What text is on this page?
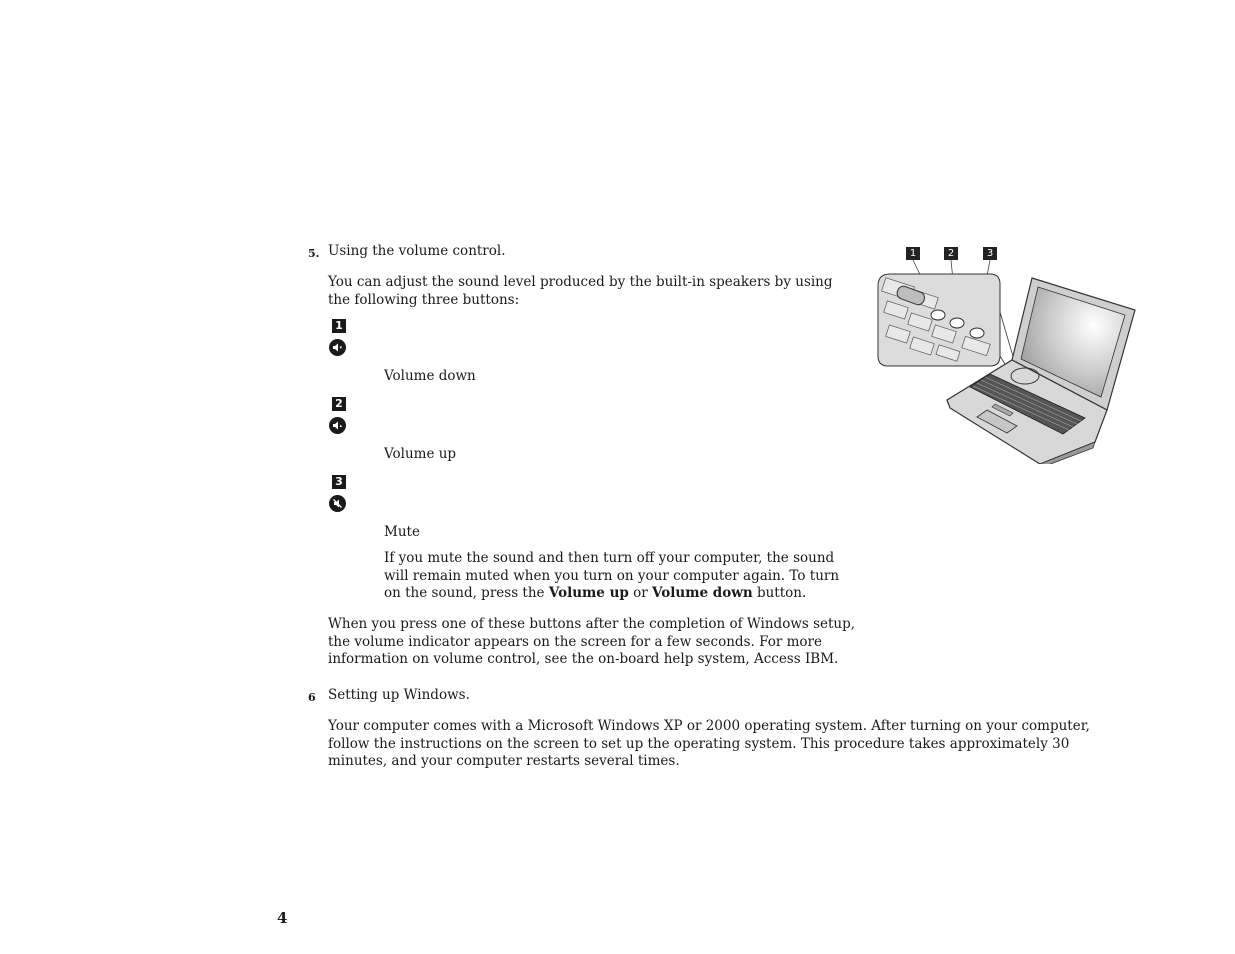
5. Using the volume control.

You can adjust the sound level produced by the built-in speakers by using the following three buttons:

1
Volume down
2
Volume up
3
Mute

If you mute the sound and then turn off your computer, the sound will remain muted when you turn on your computer again. To turn on the sound, press the Volume up or Volume down button.

When you press one of these buttons after the completion of Windows setup, the volume indicator appears on the screen for a few seconds. For more information on volume control, see the on-board help system, Access IBM.

6 Setting up Windows.

Your computer comes with a Microsoft Windows XP or 2000 operating system. After turning on your computer, follow the instructions on the screen to set up the operating system. This procedure takes approximately 30 minutes, and your computer restarts several times.

1	2	3
4
